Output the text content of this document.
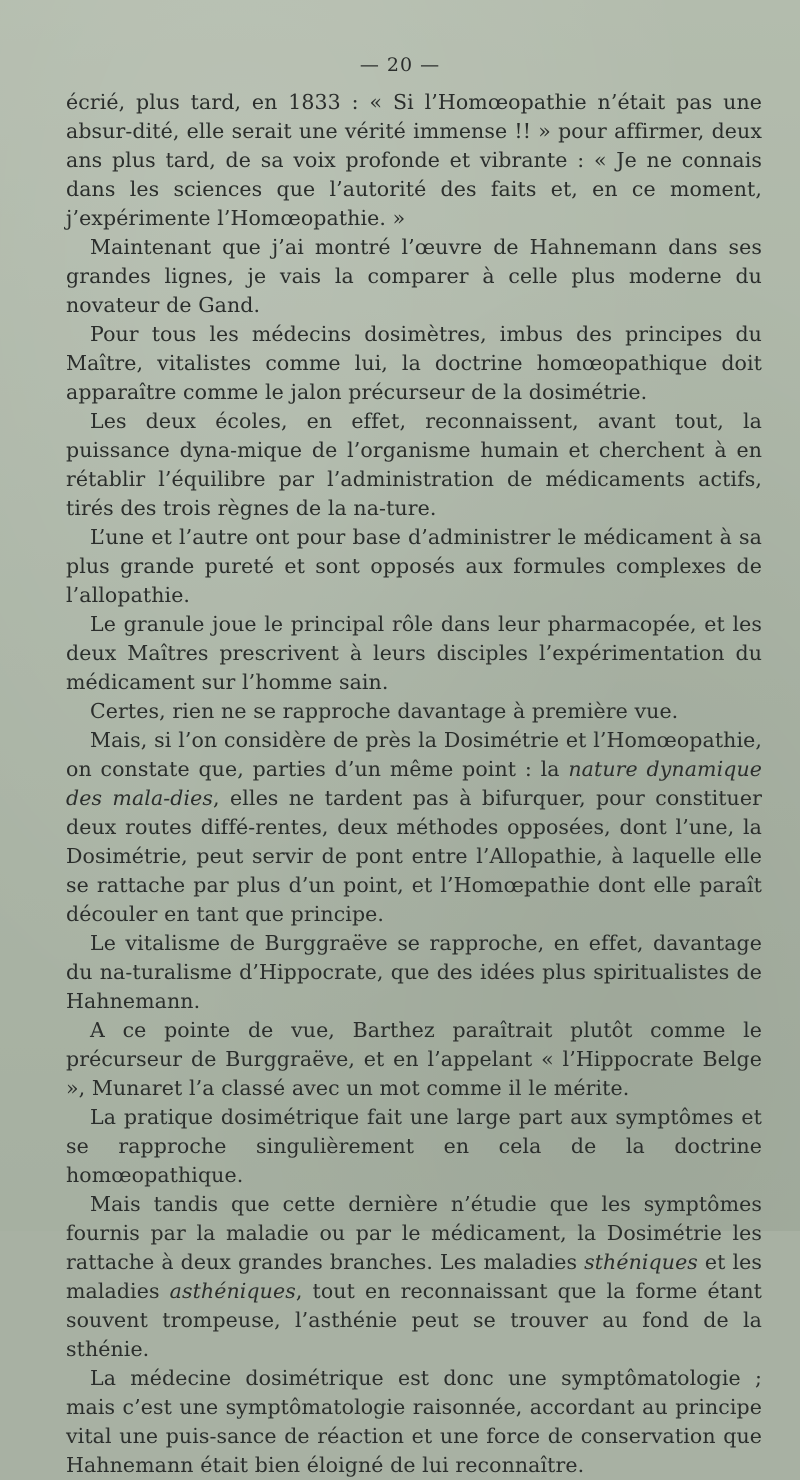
— 20 —

écrié, plus tard, en 1833 : « Si l’Homœopathie n’était pas une absur-dité, elle serait une vérité immense !! » pour affirmer, deux ans plus tard, de sa voix profonde et vibrante : « Je ne connais dans les sciences que l’autorité des faits et, en ce moment, j’expérimente l’Homœopathie. »

Maintenant que j’ai montré l’œuvre de Hahnemann dans ses grandes lignes, je vais la comparer à celle plus moderne du novateur de Gand.

Pour tous les médecins dosimètres, imbus des principes du Maître, vitalistes comme lui, la doctrine homœopathique doit apparaître comme le jalon précurseur de la dosimétrie.

Les deux écoles, en effet, reconnaissent, avant tout, la puissance dyna-mique de l’organisme humain et cherchent à en rétablir l’équilibre par l’administration de médicaments actifs, tirés des trois règnes de la na-ture.

L’une et l’autre ont pour base d’administrer le médicament à sa plus grande pureté et sont opposés aux formules complexes de l’allopathie.

Le granule joue le principal rôle dans leur pharmacopée, et les deux Maîtres prescrivent à leurs disciples l’expérimentation du médicament sur l’homme sain.

Certes, rien ne se rapproche davantage à première vue.

Mais, si l’on considère de près la Dosimétrie et l’Homœopathie, on constate que, parties d’un même point : la nature dynamique des mala-dies, elles ne tardent pas à bifurquer, pour constituer deux routes diffé-rentes, deux méthodes opposées, dont l’une, la Dosimétrie, peut servir de pont entre l’Allopathie, à laquelle elle se rattache par plus d’un point, et l’Homœpathie dont elle paraît découler en tant que principe.

Le vitalisme de Burggraëve se rapproche, en effet, davantage du na-turalisme d’Hippocrate, que des idées plus spiritualistes de Hahnemann.

A ce pointe de vue, Barthez paraîtrait plutôt comme le précurseur de Burggraëve, et en l’appelant « l’Hippocrate Belge », Munaret l’a classé avec un mot comme il le mérite.

La pratique dosimétrique fait une large part aux symptômes et se rapproche singulièrement en cela de la doctrine homœopathique.

Mais tandis que cette dernière n’étudie que les symptômes fournis par la maladie ou par le médicament, la Dosimétrie les rattache à deux grandes branches. Les maladies sthéniques et les maladies asthéniques, tout en reconnaissant que la forme étant souvent trompeuse, l’asthénie peut se trouver au fond de la sthénie.

La médecine dosimétrique est donc une symptômatologie ; mais c’est une symptômatologie raisonnée, accordant au principe vital une puis-sance de réaction et une force de conservation que Hahnemann était bien éloigné de lui reconnaître.
